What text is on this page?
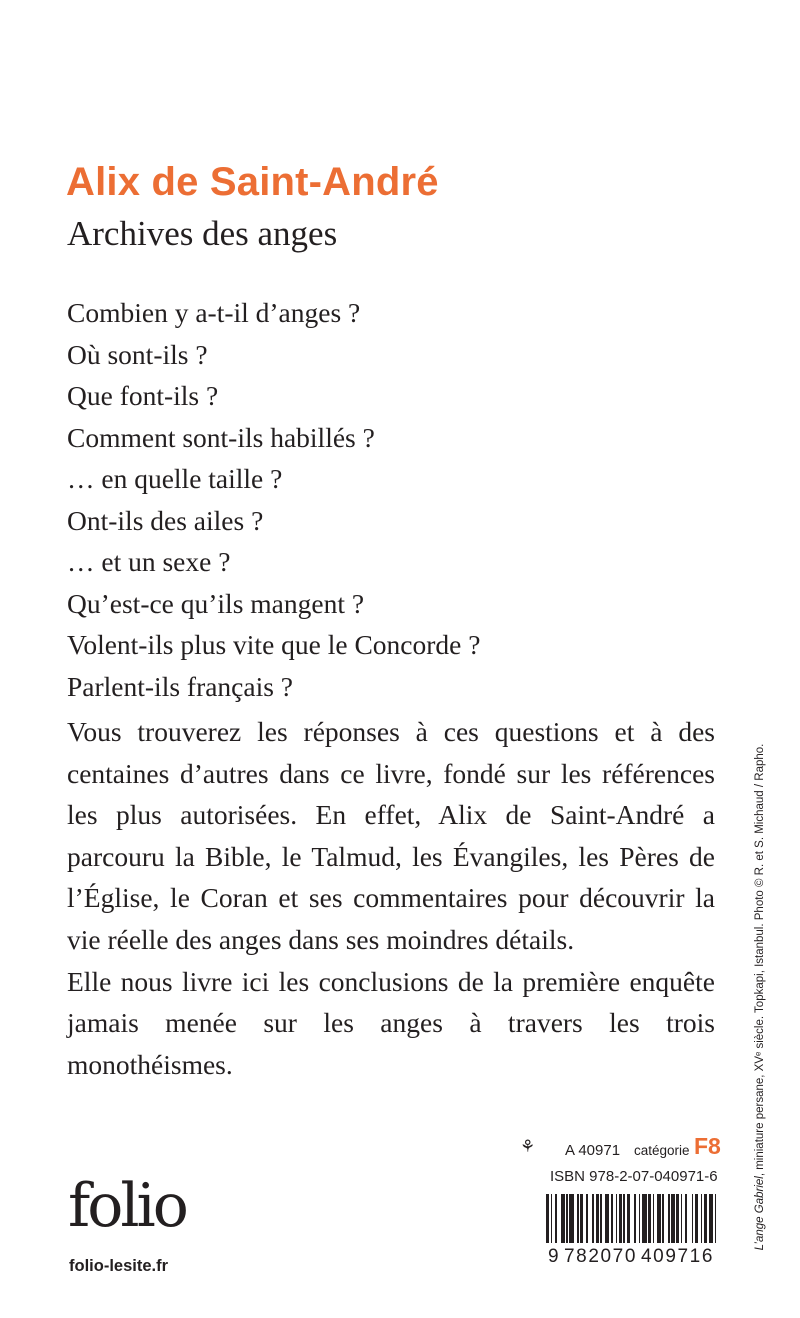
Alix de Saint-André
Archives des anges
Combien y a-t-il d’anges ?
Où sont-ils ?
Que font-ils ?
Comment sont-ils habillés ?
… en quelle taille ?
Ont-ils des ailes ?
… et un sexe ?
Qu’est-ce qu’ils mangent ?
Volent-ils plus vite que le Concorde ?
Parlent-ils français ?

Vous trouverez les réponses à ces questions et à des centaines d’autres dans ce livre, fondé sur les références les plus autorisées. En effet, Alix de Saint-André a parcouru la Bible, le Talmud, les Évangiles, les Pères de l’Église, le Coran et ses commentaires pour découvrir la vie réelle des anges dans ses moindres détails.

Elle nous livre ici les conclusions de la première enquête jamais menée sur les anges à travers les trois monothéismes.

L’ange Gabriel, miniature persane, XVᵉ siècle. Topkapi, Istanbul. Photo © R. et S. Michaud / Rapho.
⚘ A 40971 catégorie F8
ISBN 978-2-07-040971-6
9 782070 409716
folio
folio-lesite.fr
